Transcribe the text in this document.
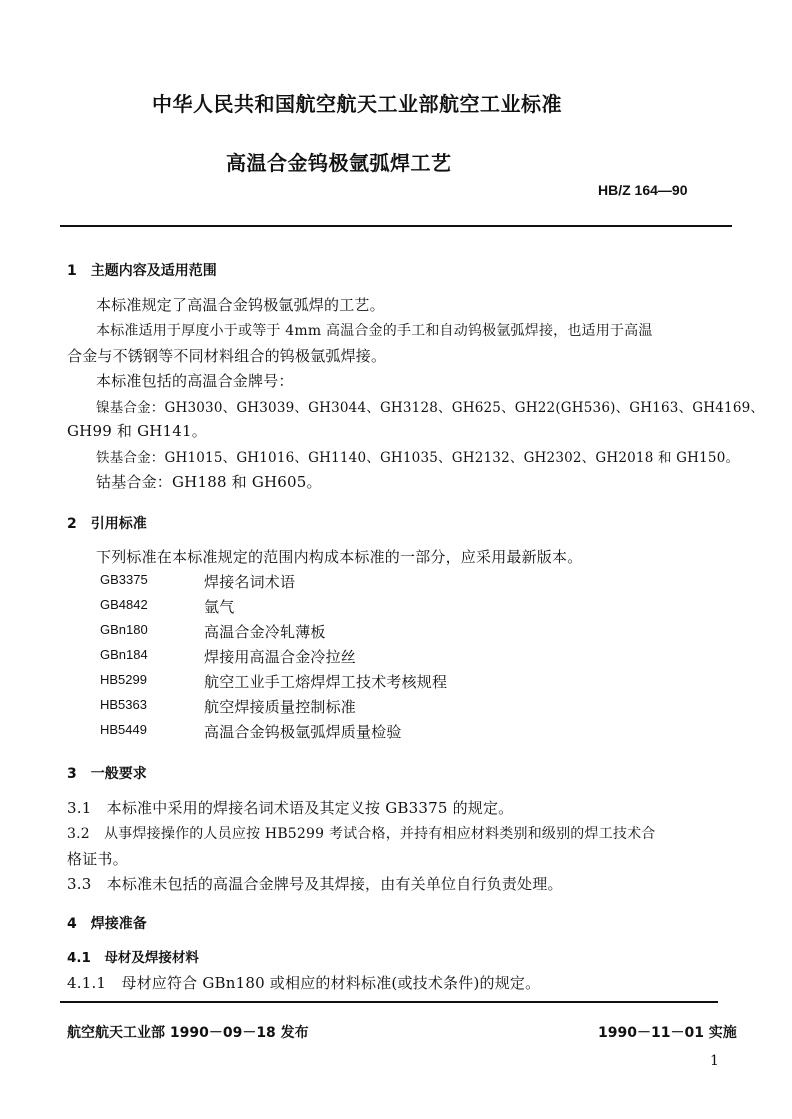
中华人民共和国航空航天工业部航空工业标准
高温合金钨极氩弧焊工艺
HB/Z 164—90
1　主题内容及适用范围
本标准规定了高温合金钨极氩弧焊的工艺。
本标准适用于厚度小于或等于 4mm 高温合金的手工和自动钨极氩弧焊接，也适用于高温
合金与不锈钢等不同材料组合的钨极氩弧焊接。
本标准包括的高温合金牌号：
镍基合金：GH3030、GH3039、GH3044、GH3128、GH625、GH22(GH536)、GH163、GH4169、
GH99 和 GH141。
铁基合金：GH1015、GH1016、GH1140、GH1035、GH2132、GH2302、GH2018 和 GH150。
钴基合金：GH188 和 GH605。
2　引用标准
下列标准在本标准规定的范围内构成本标准的一部分，应采用最新版本。
GB3375	焊接名词术语
GB4842	氩气
GBn180	高温合金冷轧薄板
GBn184	焊接用高温合金冷拉丝
HB5299	航空工业手工熔焊焊工技术考核规程
HB5363	航空焊接质量控制标准
HB5449	高温合金钨极氩弧焊质量检验
3　一般要求
3.1　本标准中采用的焊接名词术语及其定义按 GB3375 的规定。
3.2　从事焊接操作的人员应按 HB5299 考试合格，并持有相应材料类别和级别的焊工技术合
格证书。
3.3　本标准未包括的高温合金牌号及其焊接，由有关单位自行负责处理。
4　焊接准备
4.1　母材及焊接材料
4.1.1　母材应符合 GBn180 或相应的材料标准(或技术条件)的规定。
航空航天工业部 1990－09－18 发布	1990－11－01 实施
1
